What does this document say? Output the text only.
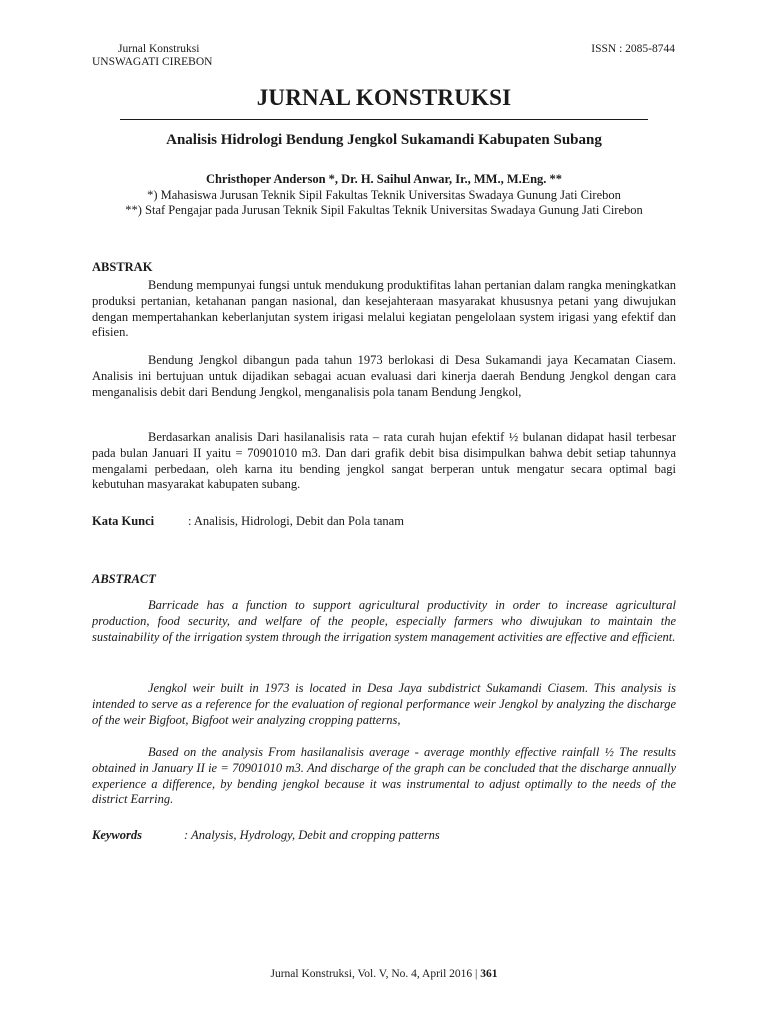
Jurnal Konstruksi
UNSWAGATI CIREBON
ISSN : 2085-8744
JURNAL KONSTRUKSI
Analisis Hidrologi Bendung Jengkol Sukamandi Kabupaten Subang
Christhoper Anderson *, Dr. H. Saihul Anwar, Ir., MM., M.Eng. **
*) Mahasiswa Jurusan Teknik Sipil Fakultas Teknik Universitas Swadaya Gunung Jati Cirebon
**) Staf Pengajar pada Jurusan Teknik Sipil Fakultas Teknik Universitas Swadaya Gunung Jati Cirebon
ABSTRAK

Bendung mempunyai fungsi untuk mendukung produktifitas lahan pertanian dalam rangka meningkatkan produksi pertanian, ketahanan pangan nasional, dan kesejahteraan masyarakat khususnya petani yang diwujukan dengan mempertahankan keberlanjutan system irigasi melalui kegiatan pengelolaan system irigasi yang efektif dan efisien.

Bendung Jengkol dibangun pada tahun 1973 berlokasi di Desa Sukamandi jaya Kecamatan Ciasem. Analisis ini bertujuan untuk dijadikan sebagai acuan evaluasi dari kinerja daerah Bendung Jengkol dengan cara menganalisis debit dari Bendung Jengkol, menganalisis pola tanam Bendung Jengkol,

Berdasarkan analisis Dari hasilanalisis rata – rata curah hujan efektif ½ bulanan didapat hasil terbesar pada bulan Januari II yaitu = 70901010 m3. Dan dari grafik debit bisa disimpulkan bahwa debit setiap tahunnya mengalami perbedaan, oleh karna itu bending jengkol sangat berperan untuk mengatur secara optimal bagi kebutuhan masyarakat kabupaten subang.

Kata Kunci	: Analisis, Hidrologi, Debit dan Pola tanam
ABSTRACT

Barricade has a function to support agricultural productivity in order to increase agricultural production, food security, and welfare of the people, especially farmers who diwujukan to maintain the sustainability of the irrigation system through the irrigation system management activities are effective and efficient.

Jengkol weir built in 1973 is located in Desa Jaya subdistrict Sukamandi Ciasem. This analysis is intended to serve as a reference for the evaluation of regional performance weir Jengkol by analyzing the discharge of the weir Bigfoot, Bigfoot weir analyzing cropping patterns,

Based on the analysis From hasilanalisis average - average monthly effective rainfall ½ The results obtained in January II ie = 70901010 m3. And discharge of the graph can be concluded that the discharge annually experience a difference, by bending jengkol because it was instrumental to adjust optimally to the needs of the district Earring.

Keywords	: Analysis, Hydrology, Debit and cropping patterns
Jurnal Konstruksi, Vol. V, No. 4, April 2016 | 361
